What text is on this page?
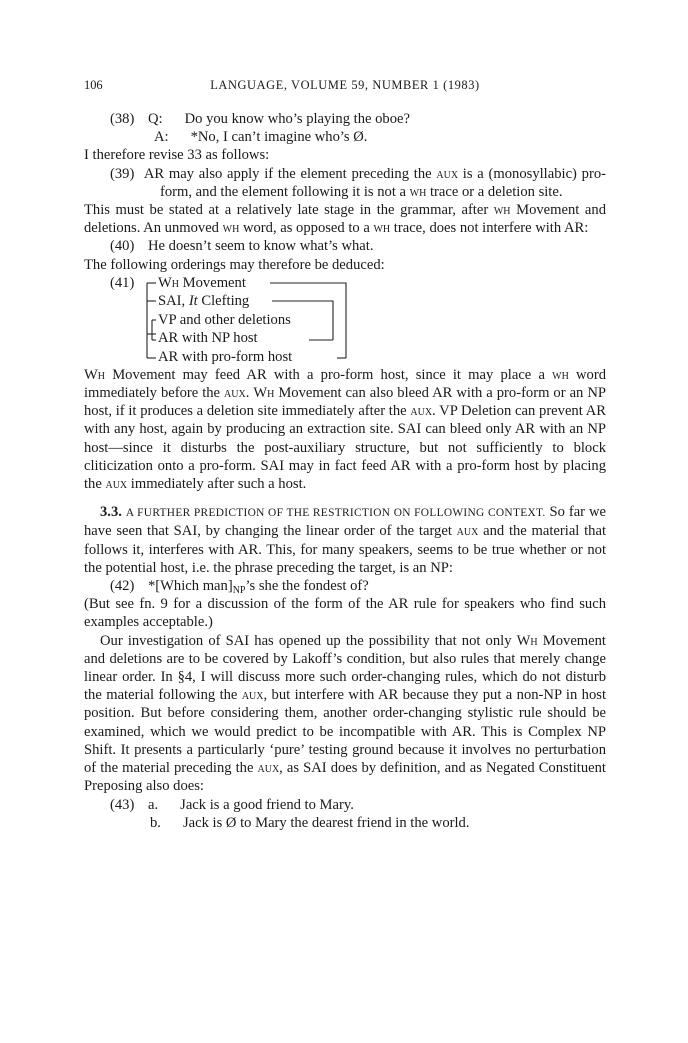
106	LANGUAGE, VOLUME 59, NUMBER 1 (1983)
(38) Q: Do you know who’s playing the oboe?
A: *No, I can’t imagine who’s Ø.

I therefore revise 33 as follows:

(39) AR may also apply if the element preceding the aux is a (monosyllabic) pro-form, and the element following it is not a wh trace or a deletion site.

This must be stated at a relatively late stage in the grammar, after wh Movement and deletions. An unmoved wh word, as opposed to a wh trace, does not interfere with AR:

(40) He doesn’t seem to know what’s what.

The following orderings may therefore be deduced:

(41) Wh Movement
SAI, It Clefting
VP and other deletions
AR with NP host
AR with pro-form host

Wh Movement may feed AR with a pro-form host, since it may place a wh word immediately before the aux. Wh Movement can also bleed AR with a pro-form or an NP host, if it produces a deletion site immediately after the aux. VP Deletion can prevent AR with any host, again by producing an extraction site. SAI can bleed only AR with an NP host—since it disturbs the post-auxiliary structure, but not sufficiently to block cliticization onto a pro-form. SAI may in fact feed AR with a pro-form host by placing the aux immediately after such a host.

3.3. A FURTHER PREDICTION OF THE RESTRICTION ON FOLLOWING CONTEXT. So far we have seen that SAI, by changing the linear order of the target aux and the material that follows it, interferes with AR. This, for many speakers, seems to be true whether or not the potential host, i.e. the phrase preceding the target, is an NP:

(42) *[Which $man]_{NP}’s$ she the fondest of?

(But see fn. 9 for a discussion of the form of the AR rule for speakers who find such examples acceptable.)

Our investigation of SAI has opened up the possibility that not only Wh Movement and deletions are to be covered by Lakoff’s condition, but also rules that merely change linear order. In §4, I will discuss more such order-changing rules, which do not disturb the material following the aux, but interfere with AR because they put a non-NP in host position. But before considering them, another order-changing stylistic rule should be examined, which we would predict to be incompatible with AR. This is Complex NP Shift. It presents a particularly ‘pure’ testing ground because it involves no perturbation of the material preceding the aux, as SAI does by definition, and as Negated Constituent Preposing also does:

(43) a. Jack is a good friend to Mary.
b. Jack is Ø to Mary the dearest friend in the world.
